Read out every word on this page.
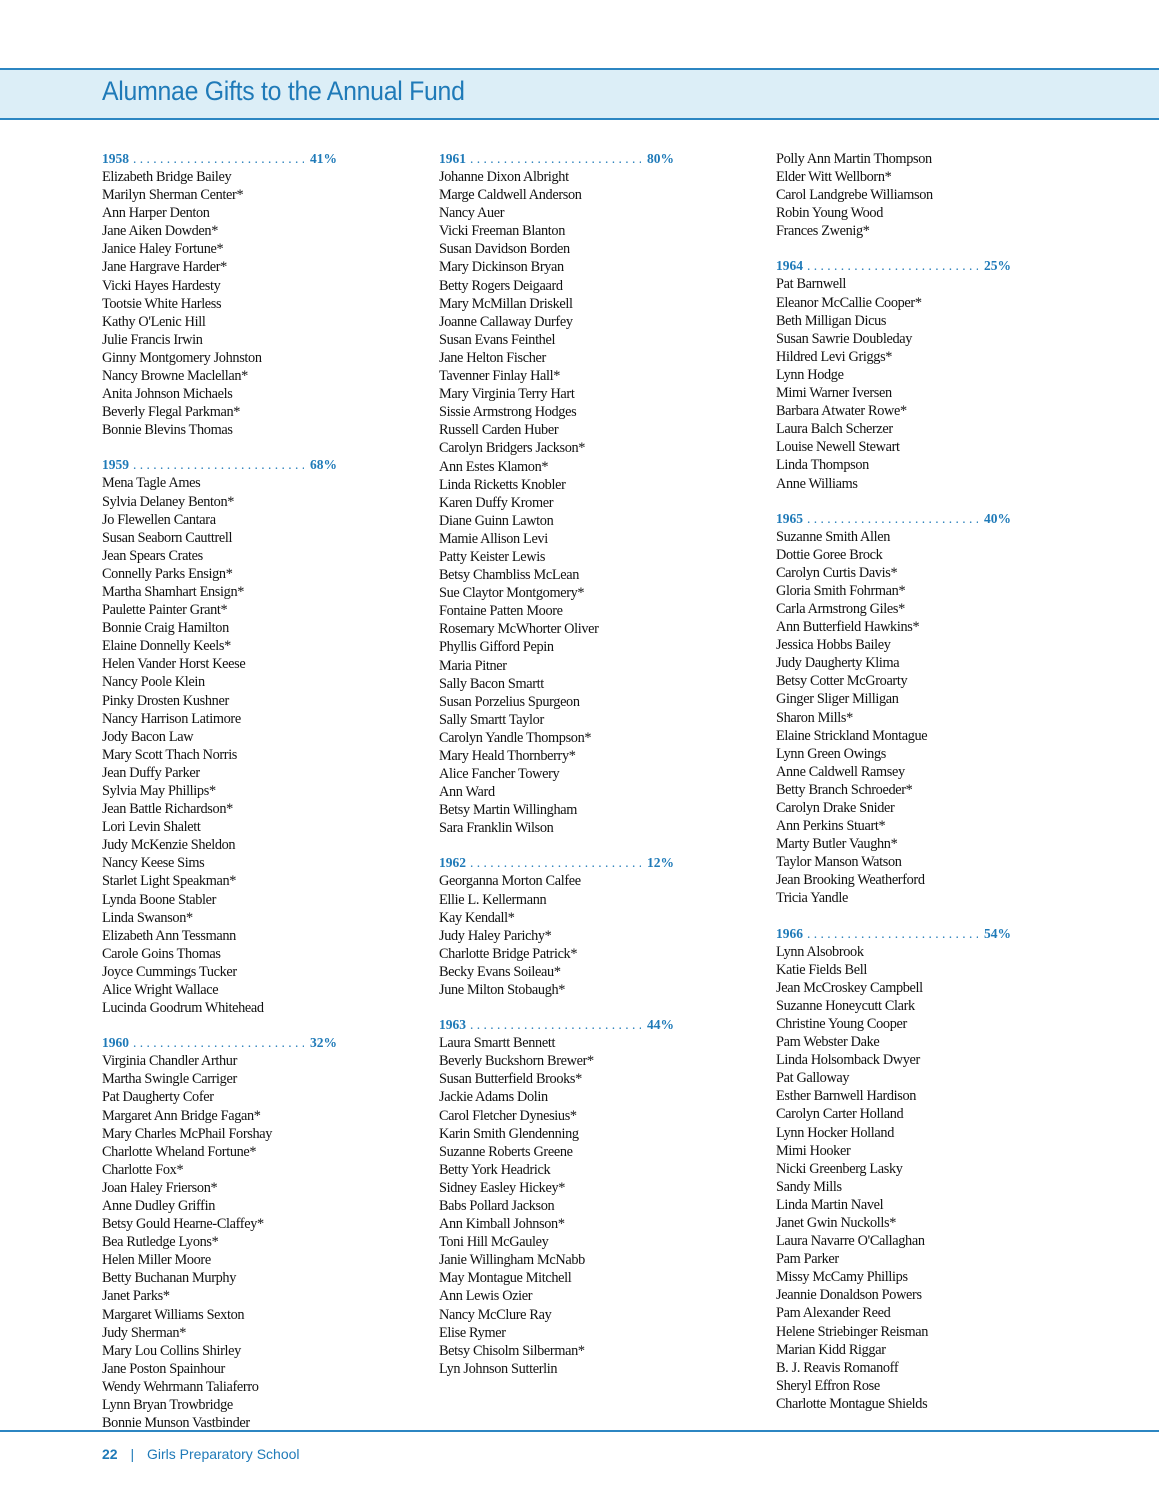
Alumnae Gifts to the Annual Fund
1958 . . .	41%
Elizabeth Bridge Bailey
Marilyn Sherman Center*
Ann Harper Denton
Jane Aiken Dowden*
Janice Haley Fortune*
Jane Hargrave Harder*
Vicki Hayes Hardesty
Tootsie White Harless
Kathy O'Lenic Hill
Julie Francis Irwin
Ginny Montgomery Johnston
Nancy Browne Maclellan*
Anita Johnson Michaels
Beverly Flegal Parkman*
Bonnie Blevins Thomas
1959 . . .	68%
Mena Tagle Ames
Sylvia Delaney Benton*
Jo Flewellen Cantara
Susan Seaborn Cauttrell
Jean Spears Crates
Connelly Parks Ensign*
Martha Shamhart Ensign*
Paulette Painter Grant*
Bonnie Craig Hamilton
Elaine Donnelly Keels*
Helen Vander Horst Keese
Nancy Poole Klein
Pinky Drosten Kushner
Nancy Harrison Latimore
Jody Bacon Law
Mary Scott Thach Norris
Jean Duffy Parker
Sylvia May Phillips*
Jean Battle Richardson*
Lori Levin Shalett
Judy McKenzie Sheldon
Nancy Keese Sims
Starlet Light Speakman*
Lynda Boone Stabler
Linda Swanson*
Elizabeth Ann Tessmann
Carole Goins Thomas
Joyce Cummings Tucker
Alice Wright Wallace
Lucinda Goodrum Whitehead
1960 . . .	32%
Virginia Chandler Arthur
Martha Swingle Carriger
Pat Daugherty Cofer
Margaret Ann Bridge Fagan*
Mary Charles McPhail Forshay
Charlotte Wheland Fortune*
Charlotte Fox*
Joan Haley Frierson*
Anne Dudley Griffin
Betsy Gould Hearne-Claffey*
Bea Rutledge Lyons*
Helen Miller Moore
Betty Buchanan Murphy
Janet Parks*
Margaret Williams Sexton
Judy Sherman*
Mary Lou Collins Shirley
Jane Poston Spainhour
Wendy Wehrmann Taliaferro
Lynn Bryan Trowbridge
Bonnie Munson Vastbinder
1961 . . .	80%
Johanne Dixon Albright
Marge Caldwell Anderson
Nancy Auer
Vicki Freeman Blanton
Susan Davidson Borden
Mary Dickinson Bryan
Betty Rogers Deigaard
Mary McMillan Driskell
Joanne Callaway Durfey
Susan Evans Feinthel
Jane Helton Fischer
Tavenner Finlay Hall*
Mary Virginia Terry Hart
Sissie Armstrong Hodges
Russell Carden Huber
Carolyn Bridgers Jackson*
Ann Estes Klamon*
Linda Ricketts Knobler
Karen Duffy Kromer
Diane Guinn Lawton
Mamie Allison Levi
Patty Keister Lewis
Betsy Chambliss McLean
Sue Claytor Montgomery*
Fontaine Patten Moore
Rosemary McWhorter Oliver
Phyllis Gifford Pepin
Maria Pitner
Sally Bacon Smartt
Susan Porzelius Spurgeon
Sally Smartt Taylor
Carolyn Yandle Thompson*
Mary Heald Thornberry*
Alice Fancher Towery
Ann Ward
Betsy Martin Willingham
Sara Franklin Wilson
1962 . . .	12%
Georganna Morton Calfee
Ellie L. Kellermann
Kay Kendall*
Judy Haley Parichy*
Charlotte Bridge Patrick*
Becky Evans Soileau*
June Milton Stobaugh*
1963 . . .	44%
Laura Smartt Bennett
Beverly Buckshorn Brewer*
Susan Butterfield Brooks*
Jackie Adams Dolin
Carol Fletcher Dynesius*
Karin Smith Glendenning
Suzanne Roberts Greene
Betty York Headrick
Sidney Easley Hickey*
Babs Pollard Jackson
Ann Kimball Johnson*
Toni Hill McGauley
Janie Willingham McNabb
May Montague Mitchell
Ann Lewis Ozier
Nancy McClure Ray
Elise Rymer
Betsy Chisolm Silberman*
Lyn Johnson Sutterlin
Polly Ann Martin Thompson
Elder Witt Wellborn*
Carol Landgrebe Williamson
Robin Young Wood
Frances Zwenig*
1964 . . .	25%
Pat Barnwell
Eleanor McCallie Cooper*
Beth Milligan Dicus
Susan Sawrie Doubleday
Hildred Levi Griggs*
Lynn Hodge
Mimi Warner Iversen
Barbara Atwater Rowe*
Laura Balch Scherzer
Louise Newell Stewart
Linda Thompson
Anne Williams
1965 . . .	40%
Suzanne Smith Allen
Dottie Goree Brock
Carolyn Curtis Davis*
Gloria Smith Fohrman*
Carla Armstrong Giles*
Ann Butterfield Hawkins*
Jessica Hobbs Bailey
Judy Daugherty Klima
Betsy Cotter McGroarty
Ginger Sliger Milligan
Sharon Mills*
Elaine Strickland Montague
Lynn Green Owings
Anne Caldwell Ramsey
Betty Branch Schroeder*
Carolyn Drake Snider
Ann Perkins Stuart*
Marty Butler Vaughn*
Taylor Manson Watson
Jean Brooking Weatherford
Tricia Yandle
1966 . . .	54%
Lynn Alsobrook
Katie Fields Bell
Jean McCroskey Campbell
Suzanne Honeycutt Clark
Christine Young Cooper
Pam Webster Dake
Linda Holsomback Dwyer
Pat Galloway
Esther Barnwell Hardison
Carolyn Carter Holland
Lynn Hocker Holland
Mimi Hooker
Nicki Greenberg Lasky
Sandy Mills
Linda Martin Navel
Janet Gwin Nuckolls*
Laura Navarre O'Callaghan
Pam Parker
Missy McCamy Phillips
Jeannie Donaldson Powers
Pam Alexander Reed
Helene Striebinger Reisman
Marian Kidd Riggar
B. J. Reavis Romanoff
Sheryl Effron Rose
Charlotte Montague Shields
22 | Girls Preparatory School
